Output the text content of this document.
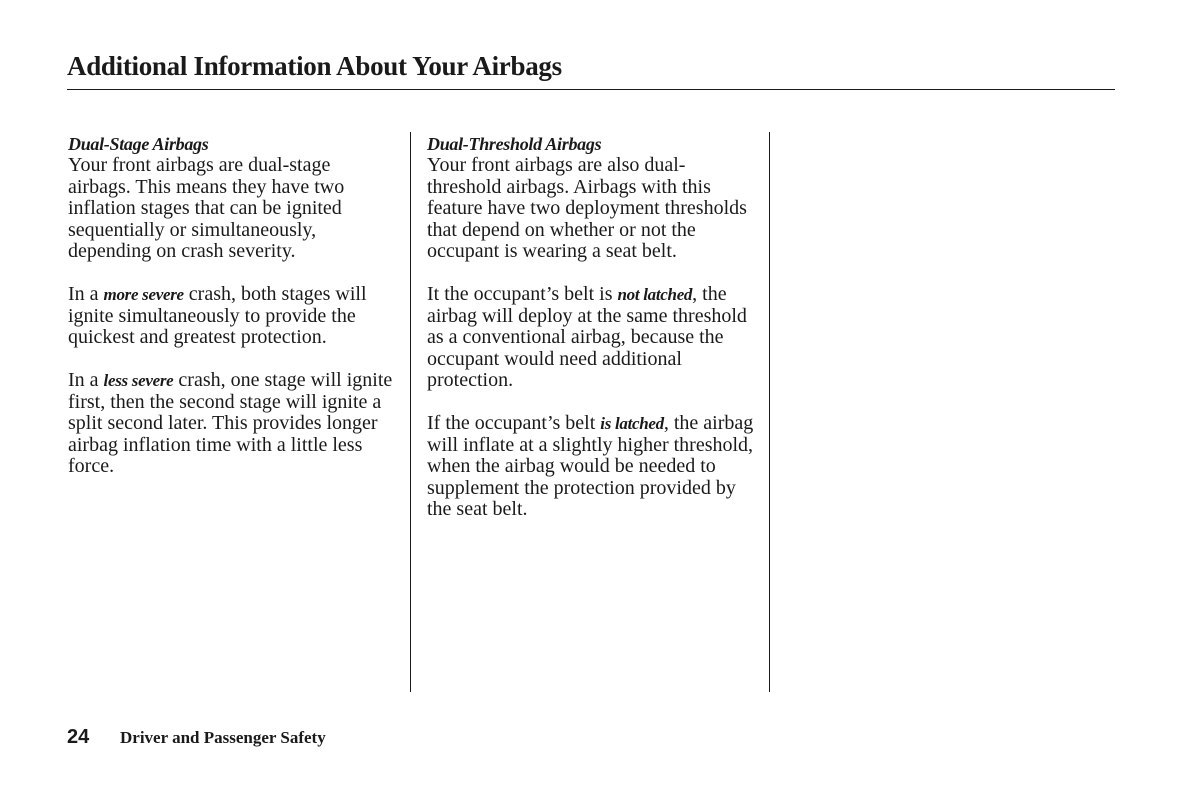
Additional Information About Your Airbags
Dual-Stage Airbags

Your front airbags are dual-stage airbags. This means they have two inflation stages that can be ignited sequentially or simultaneously, depending on crash severity.

In a more severe crash, both stages will ignite simultaneously to provide the quickest and greatest protection.

In a less severe crash, one stage will ignite first, then the second stage will ignite a split second later. This provides longer airbag inflation time with a little less force.

Dual-Threshold Airbags

Your front airbags are also dual-threshold airbags. Airbags with this feature have two deployment thresholds that depend on whether or not the occupant is wearing a seat belt.

It the occupant’s belt is not latched, the airbag will deploy at the same threshold as a conventional airbag, because the occupant would need additional protection.

If the occupant’s belt is latched, the airbag will inflate at a slightly higher threshold, when the airbag would be needed to supplement the protection provided by the seat belt.

24 Driver and Passenger Safety
